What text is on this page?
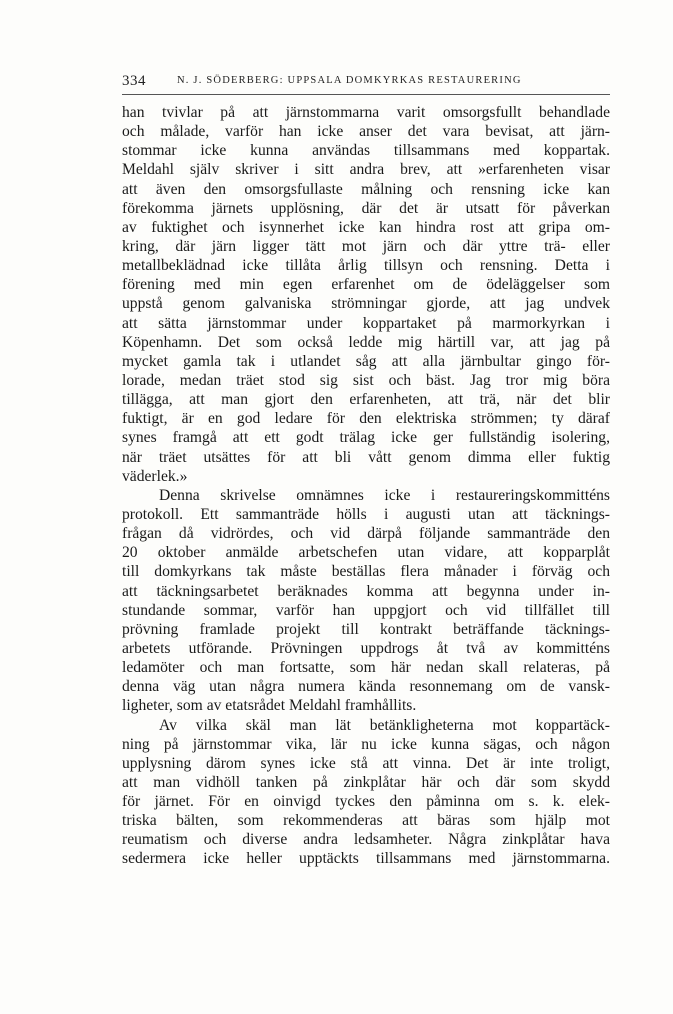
334	N. J. SÖDERBERG: UPPSALA DOMKYRKAS RESTAURERING
han tvivlar på att järnstommarna varit omsorgsfullt behandlade
och målade, varför han icke anser det vara bevisat, att järn-
stommar icke kunna användas tillsammans med koppartak.
Meldahl själv skriver i sitt andra brev, att »erfarenheten visar
att även den omsorgsfullaste målning och rensning icke kan
förekomma järnets upplösning, där det är utsatt för påverkan
av fuktighet och isynnerhet icke kan hindra rost att gripa om-
kring, där järn ligger tätt mot järn och där yttre trä- eller
metallbeklädnad icke tillåta årlig tillsyn och rensning. Detta i
förening med min egen erfarenhet om de ödeläggelser som
uppstå genom galvaniska strömningar gjorde, att jag undvek
att sätta järnstommar under koppartaket på marmorkyrkan i
Köpenhamn. Det som också ledde mig härtill var, att jag på
mycket gamla tak i utlandet såg att alla järnbultar gingo för-
lorade, medan träet stod sig sist och bäst. Jag tror mig böra
tillägga, att man gjort den erfarenheten, att trä, när det blir
fuktigt, är en god ledare för den elektriska strömmen; ty däraf
synes framgå att ett godt trälag icke ger fullständig isolering,
när träet utsättes för att bli vått genom dimma eller fuktig
väderlek.»
Denna skrivelse omnämnes icke i restaureringskommitténs
protokoll. Ett sammanträde hölls i augusti utan att täcknings-
frågan då vidrördes, och vid därpå följande sammanträde den
20 oktober anmälde arbetschefen utan vidare, att kopparplåt
till domkyrkans tak måste beställas flera månader i förväg och
att täckningsarbetet beräknades komma att begynna under in-
stundande sommar, varför han uppgjort och vid tillfället till
prövning framlade projekt till kontrakt beträffande täcknings-
arbetets utförande. Prövningen uppdrogs åt två av kommitténs
ledamöter och man fortsatte, som här nedan skall relateras, på
denna väg utan några numera kända resonnemang om de vansk-
ligheter, som av etatsrådet Meldahl framhållits.
Av vilka skäl man lät betänkligheterna mot koppartäck-
ning på järnstommar vika, lär nu icke kunna sägas, och någon
upplysning därom synes icke stå att vinna. Det är inte troligt,
att man vidhöll tanken på zinkplåtar här och där som skydd
för järnet. För en oinvigd tyckes den påminna om s. k. elek-
triska bälten, som rekommenderas att bäras som hjälp mot
reumatism och diverse andra ledsamheter. Några zinkplåtar hava
sedermera icke heller upptäckts tillsammans med järnstommarna.
